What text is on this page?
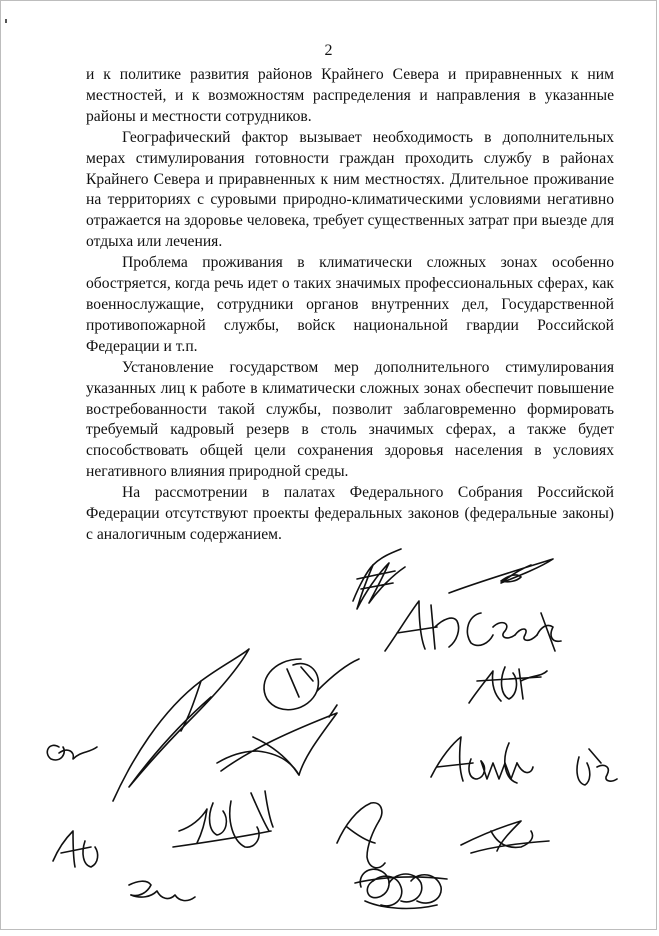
2

и к политике развития районов Крайнего Севера и приравненных к ним местностей, и к возможностям распределения и направления в указанные районы и местности сотрудников.

Географический фактор вызывает необходимость в дополнительных мерах стимулирования готовности граждан проходить службу в районах Крайнего Севера и приравненных к ним местностях. Длительное проживание на территориях с суровыми природно-климатическими условиями негативно отражается на здоровье человека, требует существенных затрат при выезде для отдыха или лечения.

Проблема проживания в климатически сложных зонах особенно обостряется, когда речь идет о таких значимых профессиональных сферах, как военнослужащие, сотрудники органов внутренних дел, Государственной противопожарной службы, войск национальной гвардии Российской Федерации и т.п.

Установление государством мер дополнительного стимулирования указанных лиц к работе в климатически сложных зонах обеспечит повышение востребованности такой службы, позволит заблаговременно формировать требуемый кадровый резерв в столь значимых сферах, а также будет способствовать общей цели сохранения здоровья населения в условиях негативного влияния природной среды.

На рассмотрении в палатах Федерального Собрания Российской Федерации отсутствуют проекты федеральных законов (федеральные законы) с аналогичным содержанием.
